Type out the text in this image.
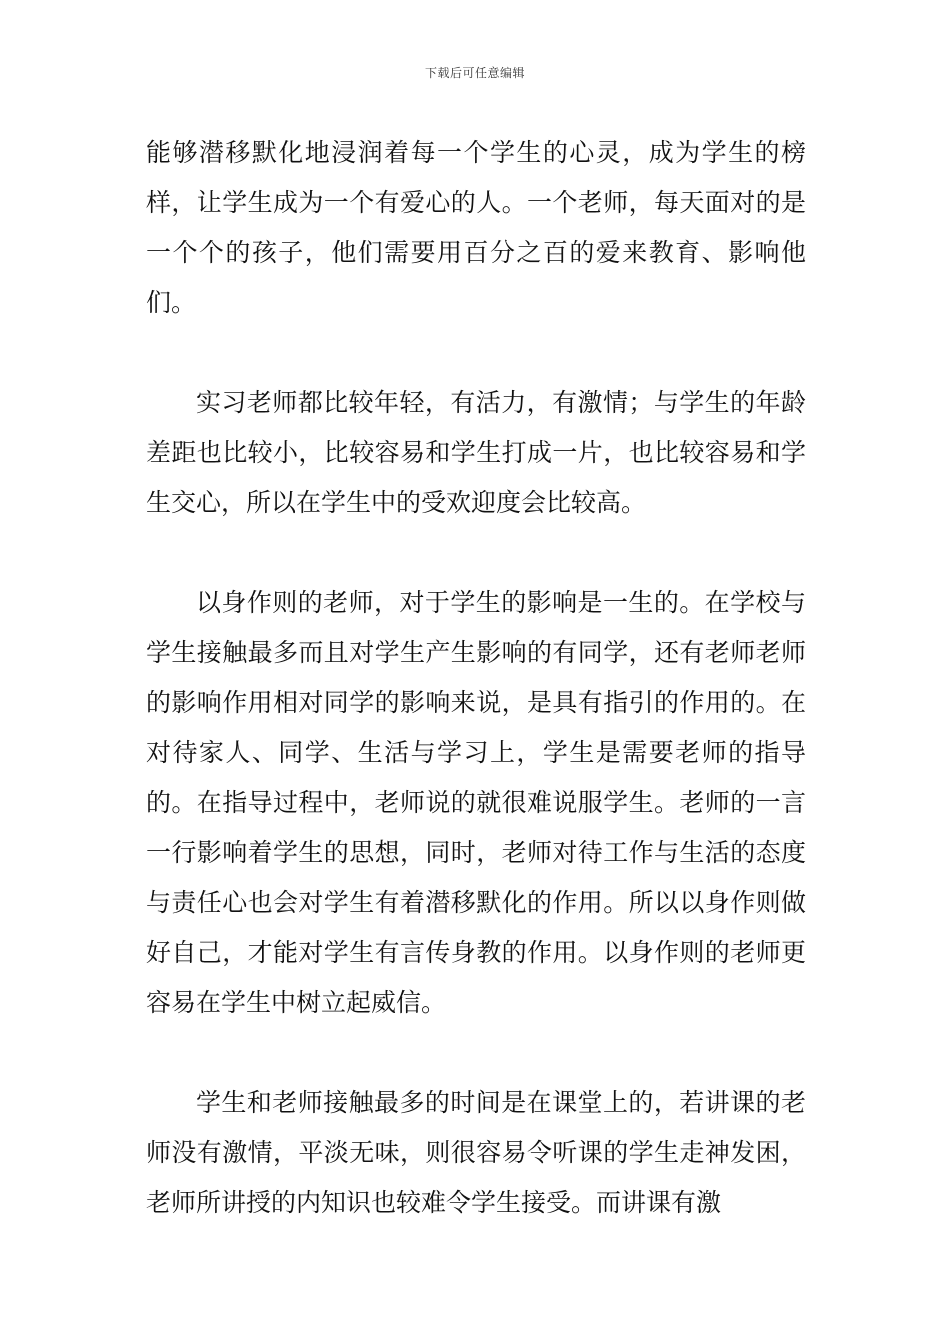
下载后可任意编辑

能够潜移默化地浸润着每一个学生的心灵，成为学生的榜样，让学生成为一个有爱心的人。一个老师，每天面对的是一个个的孩子，他们需要用百分之百的爱来教育、影响他们。

实习老师都比较年轻，有活力，有激情；与学生的年龄差距也比较小，比较容易和学生打成一片，也比较容易和学生交心，所以在学生中的受欢迎度会比较高。

以身作则的老师，对于学生的影响是一生的。在学校与学生接触最多而且对学生产生影响的有同学，还有老师老师的影响作用相对同学的影响来说，是具有指引的作用的。在对待家人、同学、生活与学习上，学生是需要老师的指导的。在指导过程中，老师说的就很难说服学生。老师的一言一行影响着学生的思想，同时，老师对待工作与生活的态度与责任心也会对学生有着潜移默化的作用。所以以身作则做好自己，才能对学生有言传身教的作用。以身作则的老师更容易在学生中树立起威信。

学生和老师接触最多的时间是在课堂上的，若讲课的老师没有激情，平淡无味，则很容易令听课的学生走神发困，老师所讲授的内知识也较难令学生接受。而讲课有激
